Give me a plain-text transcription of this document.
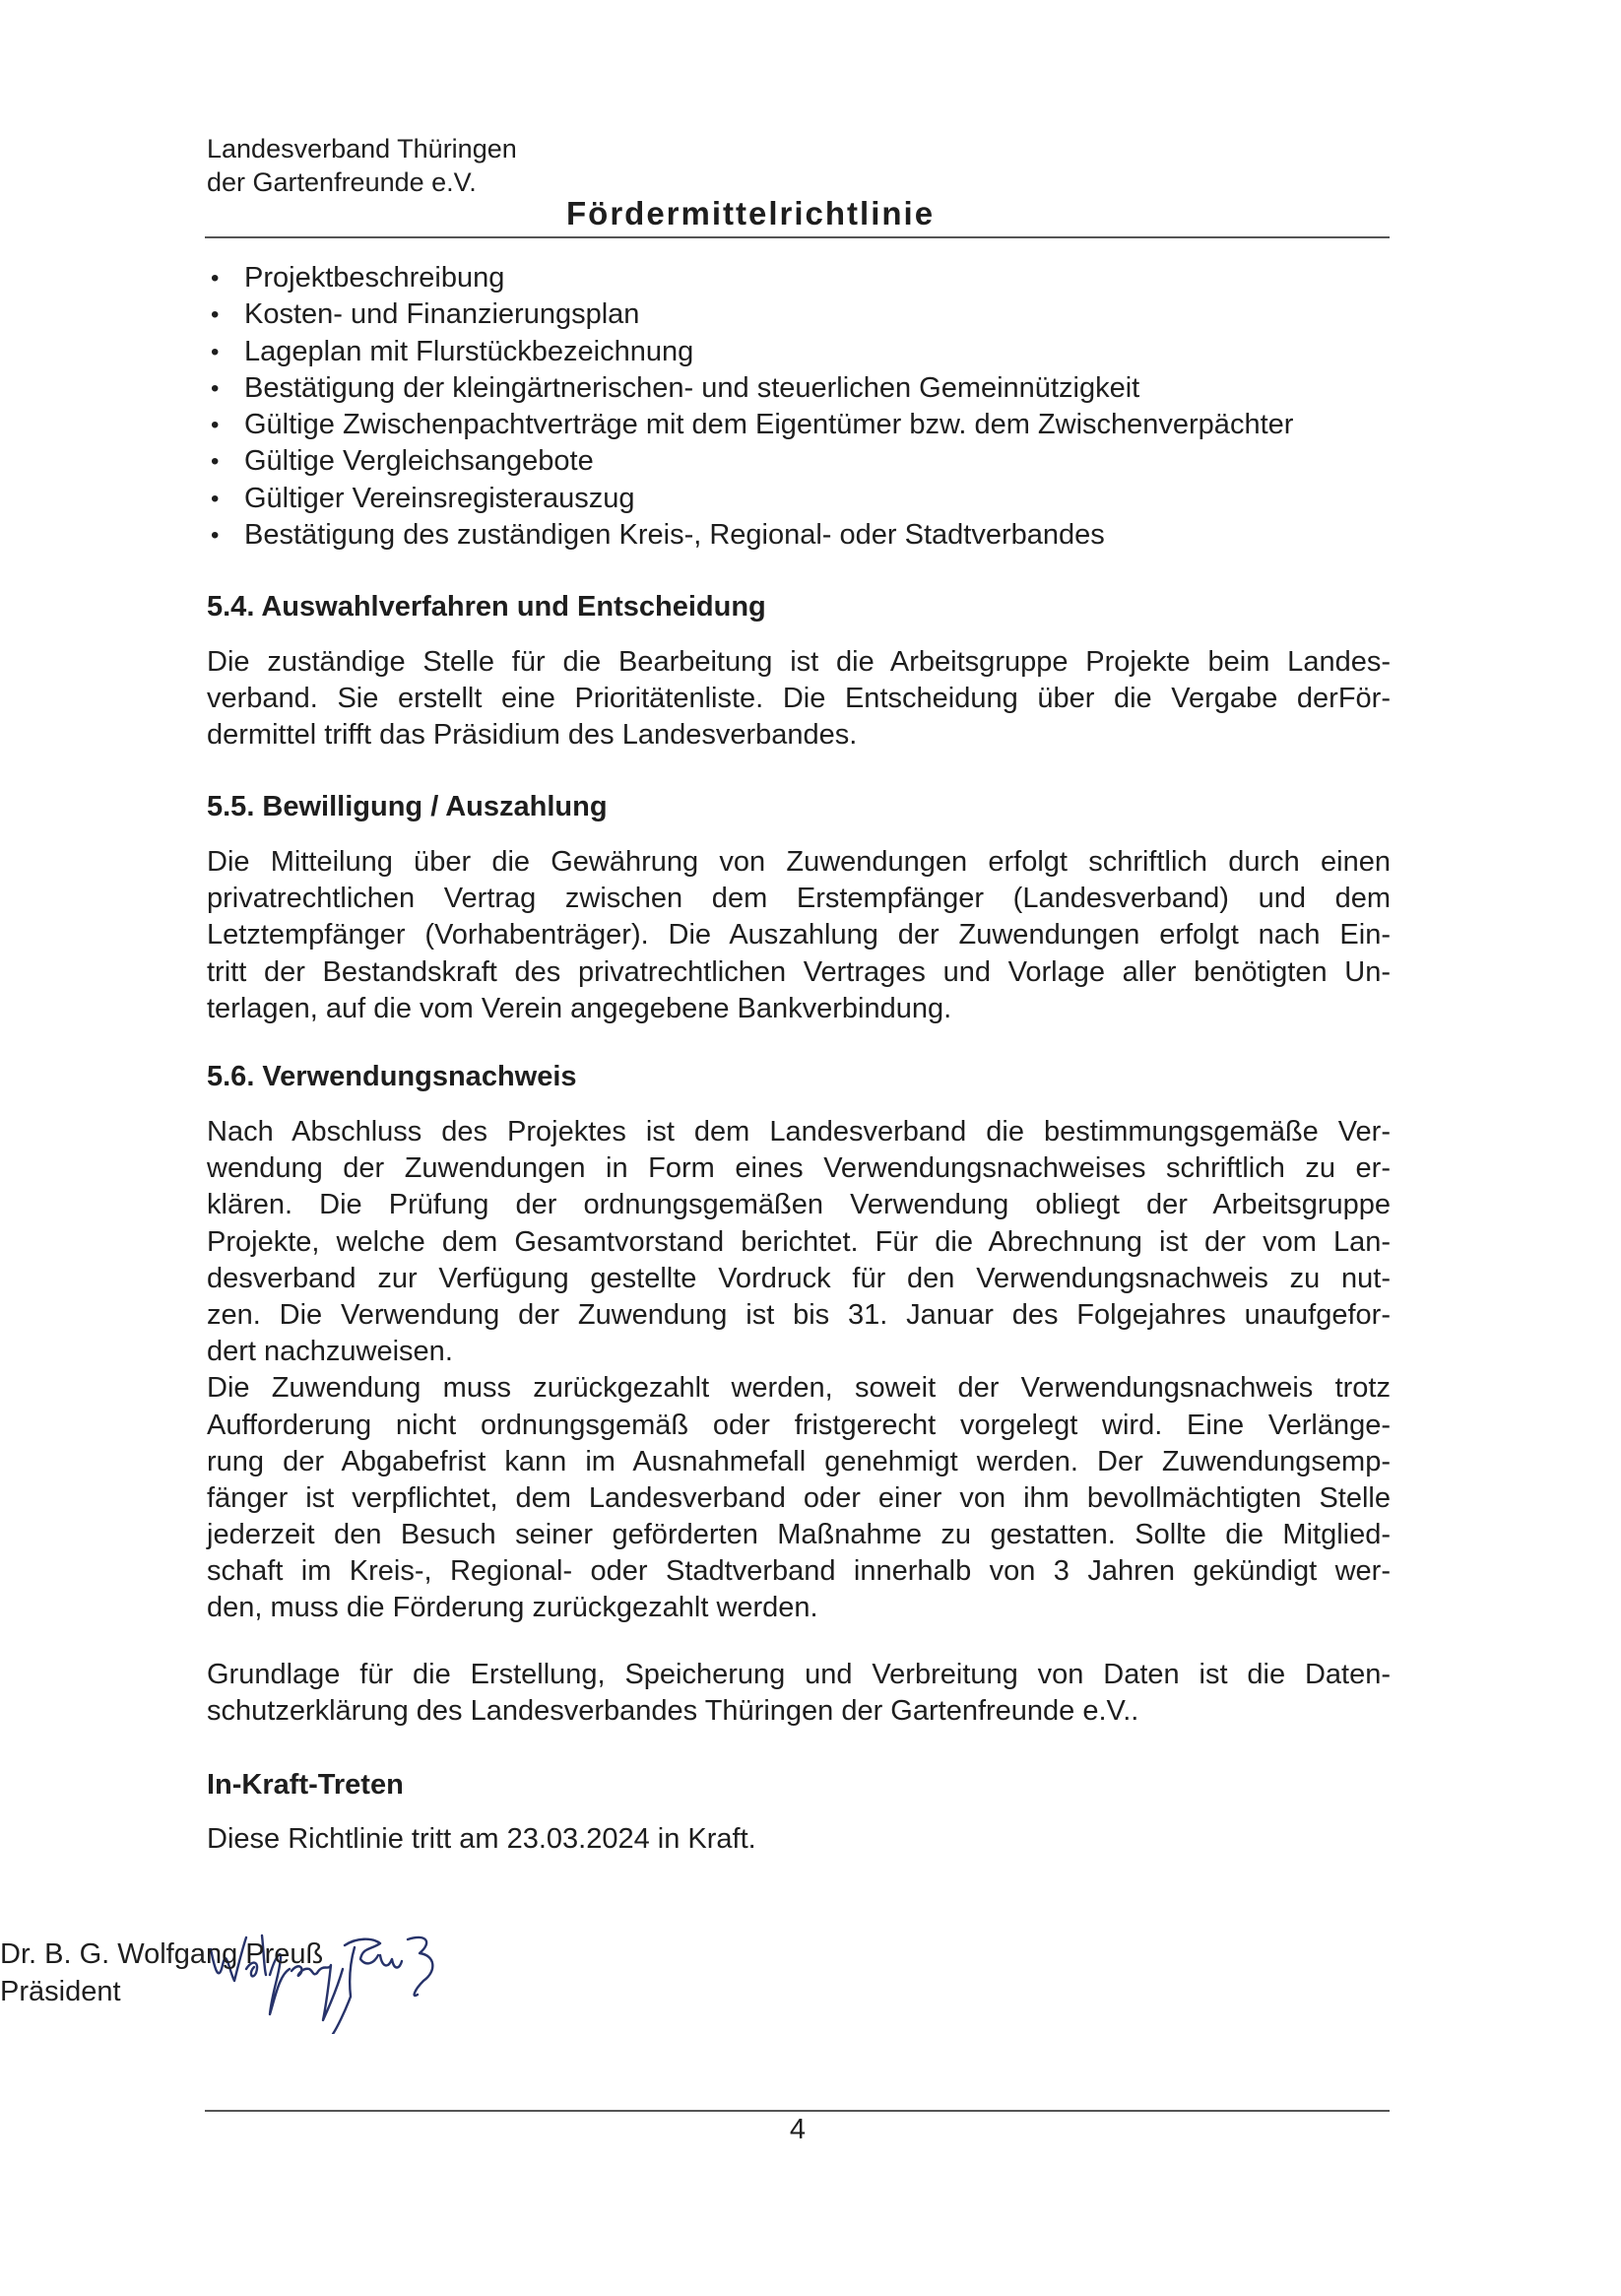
Landesverband Thüringen
der Gartenfreunde e.V.
Fördermittelrichtlinie
• Projektbeschreibung
• Kosten- und Finanzierungsplan
• Lageplan mit Flurstückbezeichnung
• Bestätigung der kleingärtnerischen- und steuerlichen Gemeinnützigkeit
• Gültige Zwischenpachtverträge mit dem Eigentümer bzw. dem Zwischenverpächter
• Gültige Vergleichsangebote
• Gültiger Vereinsregisterauszug
• Bestätigung des zuständigen Kreis-, Regional- oder Stadtverbandes
5.4. Auswahlverfahren und Entscheidung
Die zuständige Stelle für die Bearbeitung ist die Arbeitsgruppe Projekte beim Landes-
verband. Sie erstellt eine Prioritätenliste. Die Entscheidung über die Vergabe derFör-
dermittel trifft das Präsidium des Landesverbandes.
5.5. Bewilligung / Auszahlung
Die Mitteilung über die Gewährung von Zuwendungen erfolgt schriftlich durch einen
privatrechtlichen Vertrag zwischen dem Erstempfänger (Landesverband) und dem
Letztempfänger (Vorhabenträger). Die Auszahlung der Zuwendungen erfolgt nach Ein-
tritt der Bestandskraft des privatrechtlichen Vertrages und Vorlage aller benötigten Un-
terlagen, auf die vom Verein angegebene Bankverbindung.
5.6. Verwendungsnachweis
Nach Abschluss des Projektes ist dem Landesverband die bestimmungsgemäße Ver-
wendung der Zuwendungen in Form eines Verwendungsnachweises schriftlich zu er-
klären. Die Prüfung der ordnungsgemäßen Verwendung obliegt der Arbeitsgruppe
Projekte, welche dem Gesamtvorstand berichtet. Für die Abrechnung ist der vom Lan-
desverband zur Verfügung gestellte Vordruck für den Verwendungsnachweis zu nut-
zen. Die Verwendung der Zuwendung ist bis 31. Januar des Folgejahres unaufgefor-
dert nachzuweisen.
Die Zuwendung muss zurückgezahlt werden, soweit der Verwendungsnachweis trotz
Aufforderung nicht ordnungsgemäß oder fristgerecht vorgelegt wird. Eine Verlänge-
rung der Abgabefrist kann im Ausnahmefall genehmigt werden. Der Zuwendungsemp-
fänger ist verpflichtet, dem Landesverband oder einer von ihm bevollmächtigten Stelle
jederzeit den Besuch seiner geförderten Maßnahme zu gestatten. Sollte die Mitglied-
schaft im Kreis-, Regional- oder Stadtverband innerhalb von 3 Jahren gekündigt wer-
den, muss die Förderung zurückgezahlt werden.
Grundlage für die Erstellung, Speicherung und Verbreitung von Daten ist die Daten-
schutzerklärung des Landesverbandes Thüringen der Gartenfreunde e.V..
In-Kraft-Treten
Diese Richtlinie tritt am 23.03.2024 in Kraft.
Dr. B. G. Wolfgang Preuß
Präsident
4
